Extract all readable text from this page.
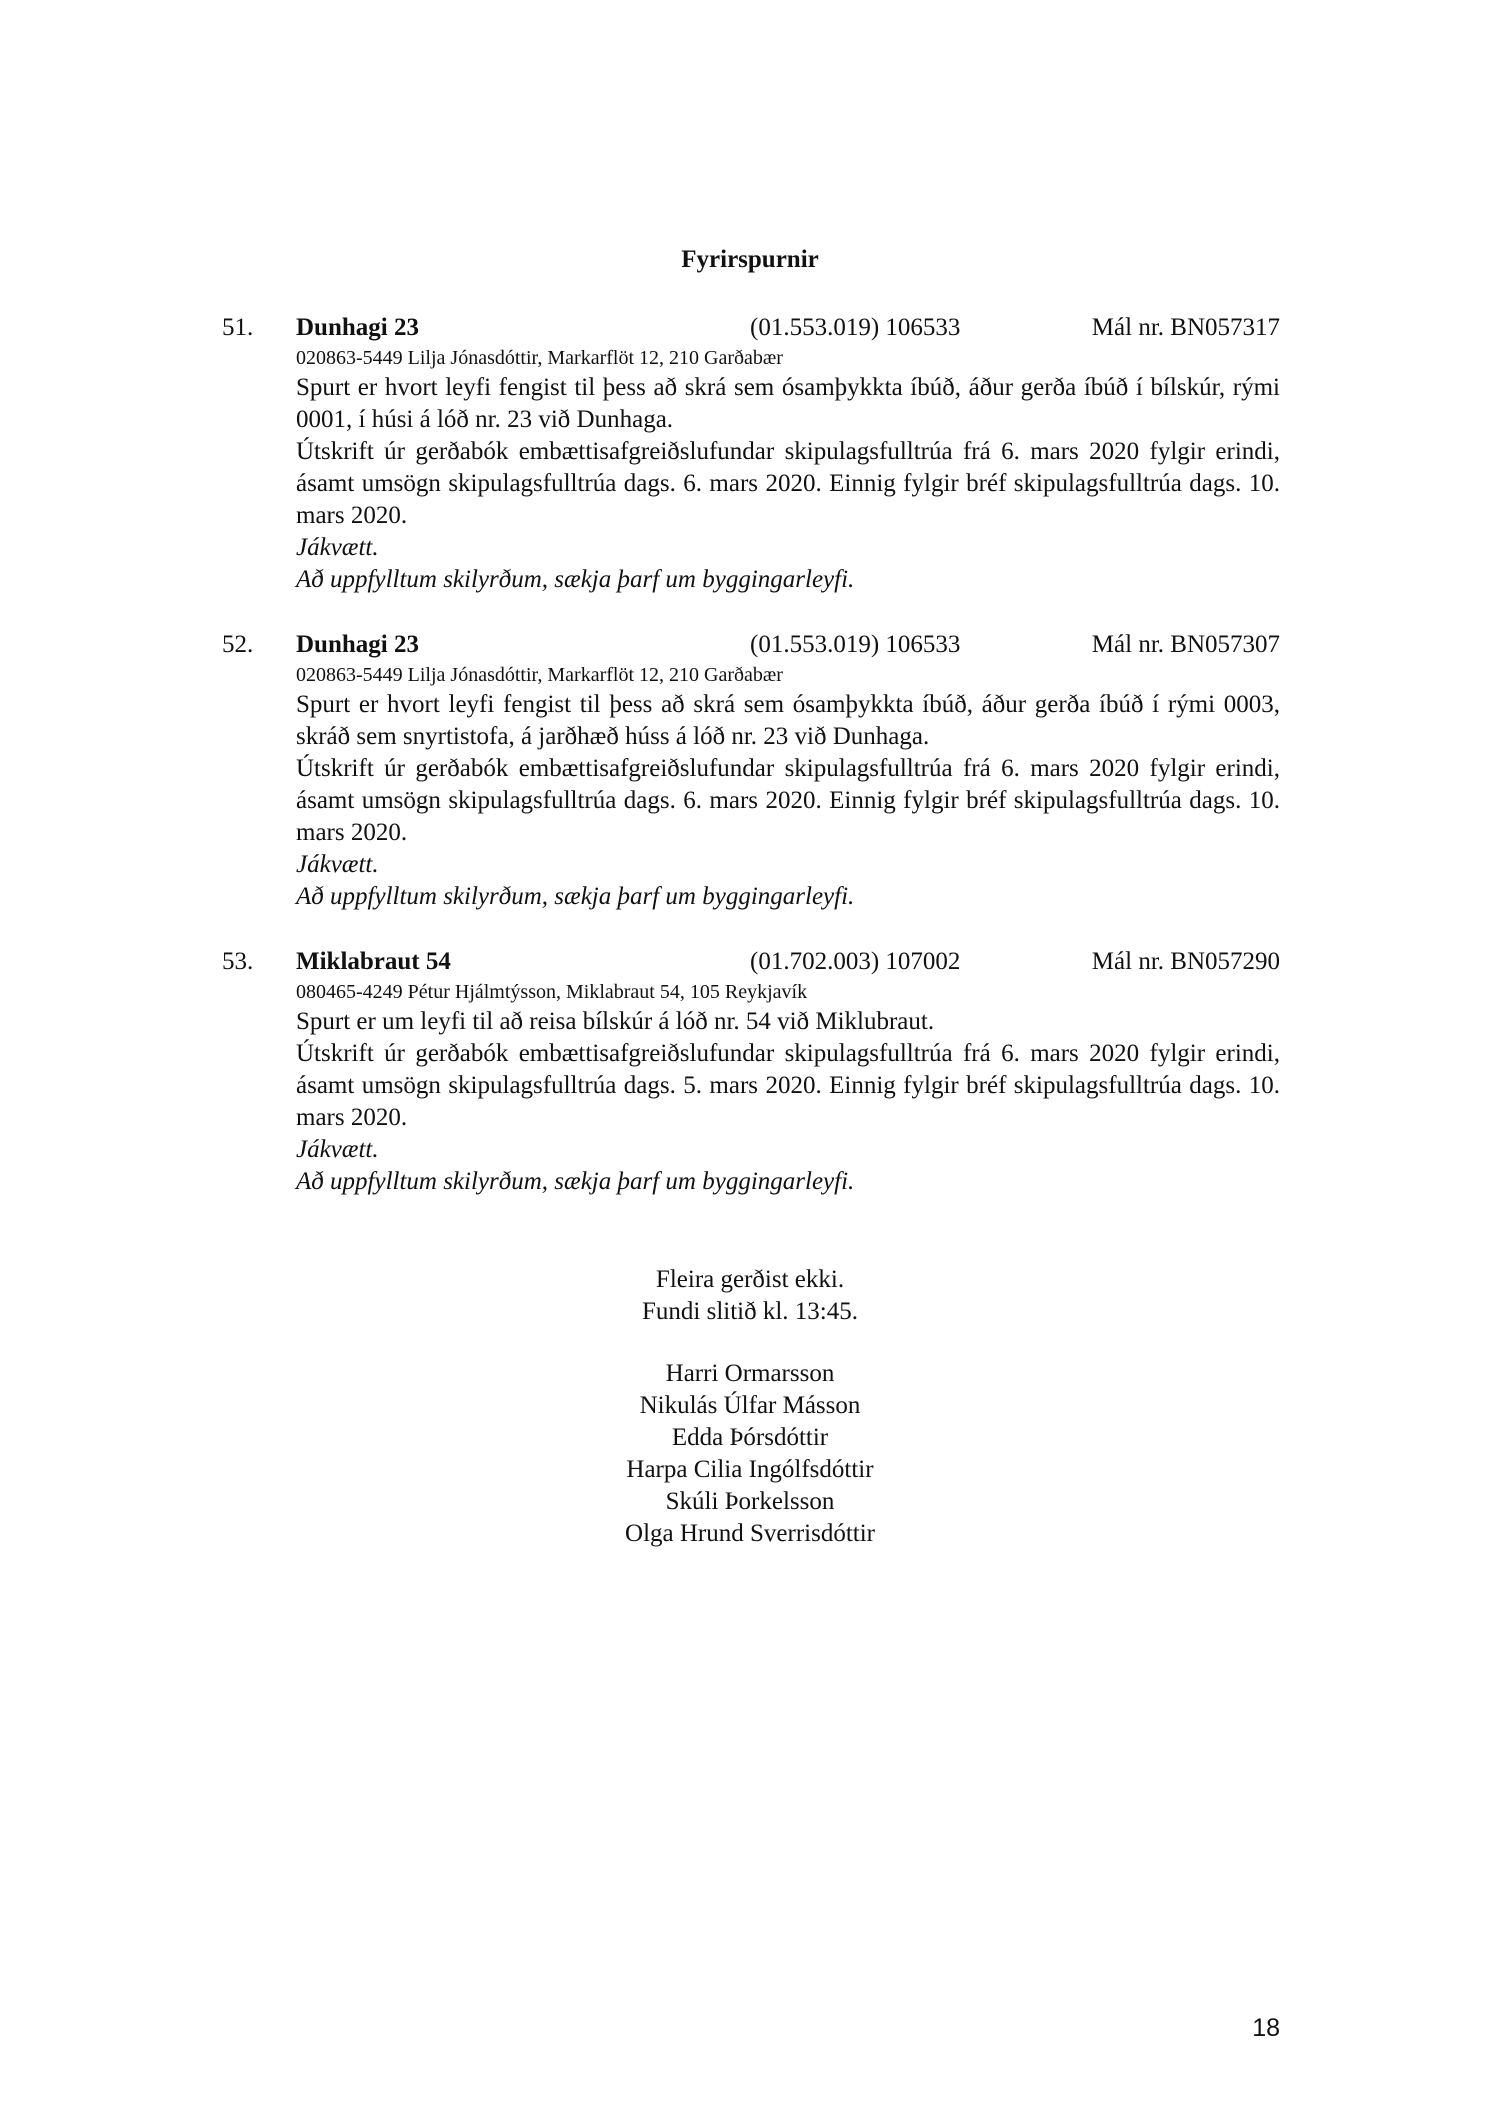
Fyrirspurnir
51. Dunhagi 23	(01.553.019) 106533	Mál nr. BN057317
020863-5449 Lilja Jónasdóttir, Markarflöt 12, 210 Garðabær
Spurt er hvort leyfi fengist til þess að skrá sem ósamþykkta íbúð, áður gerða íbúð í bílskúr, rými 0001, í húsi á lóð nr. 23 við Dunhaga.
Útskrift úr gerðabók embættisafgreiðslufundar skipulagsfulltrúa frá 6. mars 2020 fylgir erindi, ásamt umsögn skipulagsfulltrúa dags. 6. mars 2020. Einnig fylgir bréf skipulagsfulltrúa dags. 10. mars 2020.
Jákvætt.
Að uppfylltum skilyrðum, sækja þarf um byggingarleyfi.
52. Dunhagi 23	(01.553.019) 106533	Mál nr. BN057307
020863-5449 Lilja Jónasdóttir, Markarflöt 12, 210 Garðabær
Spurt er hvort leyfi fengist til þess að skrá sem ósamþykkta íbúð, áður gerða íbúð í rými 0003, skráð sem snyrtistofa, á jarðhæð húss á lóð nr. 23 við Dunhaga.
Útskrift úr gerðabók embættisafgreiðslufundar skipulagsfulltrúa frá 6. mars 2020 fylgir erindi, ásamt umsögn skipulagsfulltrúa dags. 6. mars 2020. Einnig fylgir bréf skipulagsfulltrúa dags. 10. mars 2020.
Jákvætt.
Að uppfylltum skilyrðum, sækja þarf um byggingarleyfi.
53. Miklabraut 54	(01.702.003) 107002	Mál nr. BN057290
080465-4249 Pétur Hjálmtýsson, Miklabraut 54, 105 Reykjavík
Spurt er um leyfi til að reisa bílskúr á lóð nr. 54 við Miklubraut.
Útskrift úr gerðabók embættisafgreiðslufundar skipulagsfulltrúa frá 6. mars 2020 fylgir erindi, ásamt umsögn skipulagsfulltrúa dags. 5. mars 2020. Einnig fylgir bréf skipulagsfulltrúa dags. 10. mars 2020.
Jákvætt.
Að uppfylltum skilyrðum, sækja þarf um byggingarleyfi.
Fleira gerðist ekki.
Fundi slitið kl. 13:45.
Harri Ormarsson
Nikulás Úlfar Másson
Edda Þórsdóttir
Harpa Cilia Ingólfsdóttir
Skúli Þorkelsson
Olga Hrund Sverrisdóttir
18
